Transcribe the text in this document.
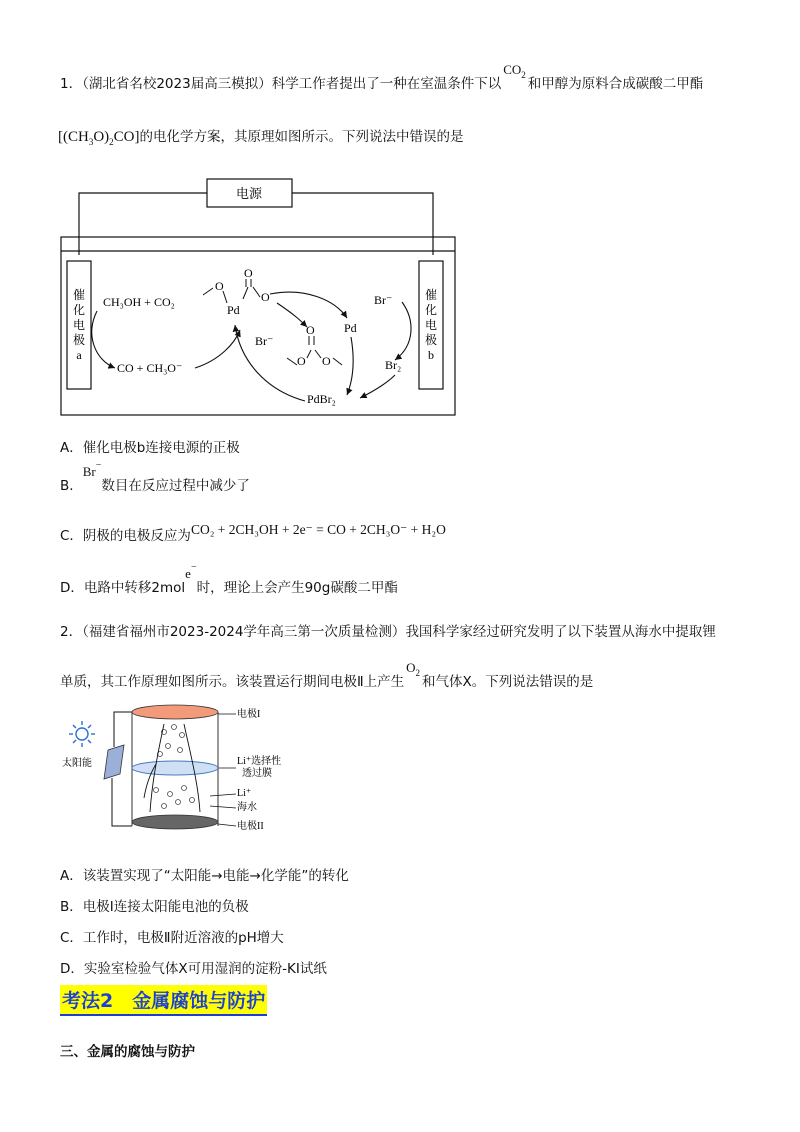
1．（湖北省名校2023届高三模拟）科学工作者提出了一种在室温条件下以$CO_2$和甲醇为原料合成碳酸二甲酯
$[(CH_3O)_2CO]$的电化学方案，其原理如图所示。下列说法中错误的是
电源
催
化
电
极
a
催
化
电
极
b
CH₃OH + CO₂
CO + CH₃O⁻
O
O
O
Pd
O
O O
Pd
Br⁻
Br⁻
Br₂
PdBr₂
A．催化电极b连接电源的正极
B．Br−数目在反应过程中减少了
C．阴极的电极反应为CO₂ + 2CH₃OH + 2e⁻ = CO + 2CH₃O⁻ + H₂O
D．电路中转移2mole−时，理论上会产生90g碳酸二甲酯
2．（福建省福州市2023-2024学年高三第一次质量检测）我国科学家经过研究发明了以下装置从海水中提取锂
单质，其工作原理如图所示。该装置运行期间电极Ⅱ上产生$O_2$和气体X。下列说法错误的是
太阳能
电极I
Li⁺选择性
透过膜
Li⁺
海水
电极II
A．该装置实现了“太阳能→电能→化学能”的转化
B．电极Ⅰ连接太阳能电池的负极
C．工作时，电极Ⅱ附近溶液的pH增大
D．实验室检验气体X可用湿润的淀粉-KI试纸
考法2　金属腐蚀与防护
三、金属的腐蚀与防护
